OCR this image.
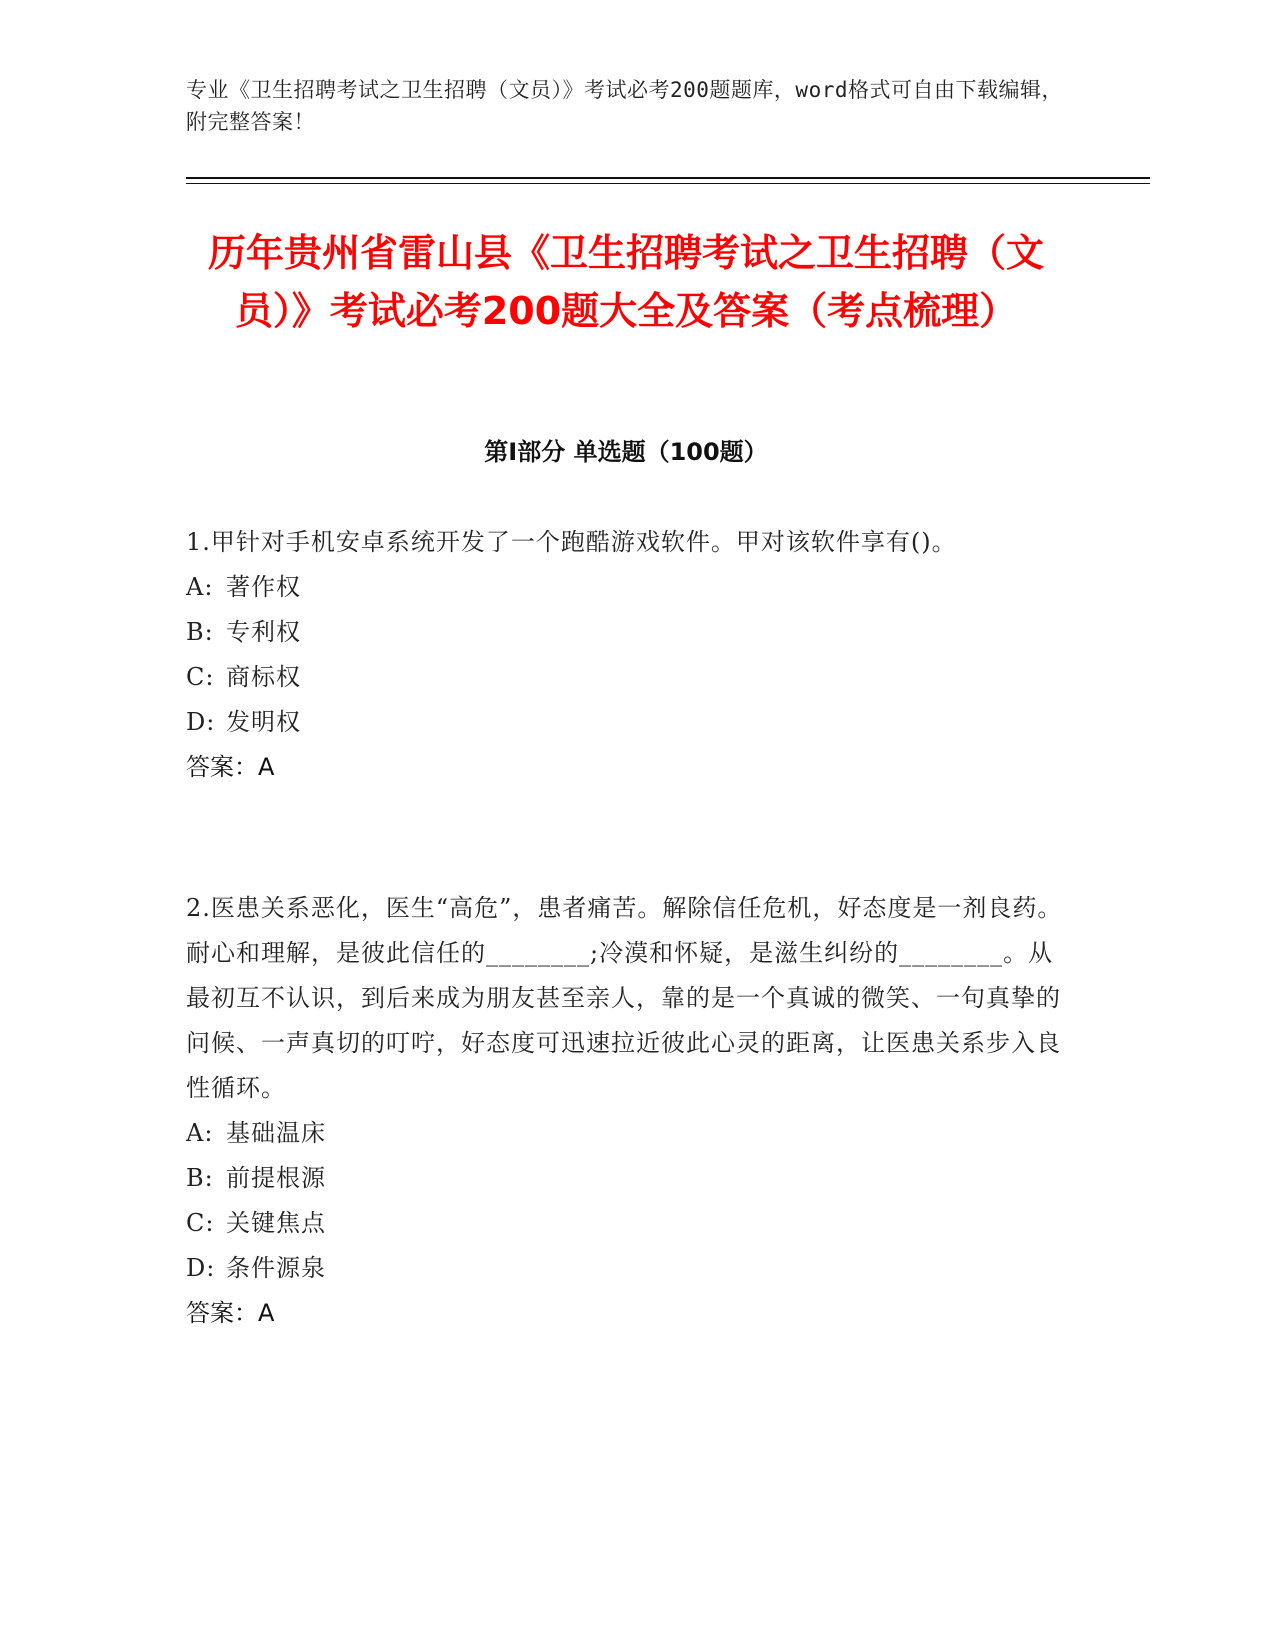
专业《卫生招聘考试之卫生招聘（文员）》考试必考200题题库，word格式可自由下载编辑，附完整答案！
历年贵州省雷山县《卫生招聘考试之卫生招聘（文员）》考试必考200题大全及答案（考点梳理）
第Ⅰ部分 单选题（100题）

1.甲针对手机安卓系统开发了一个跑酷游戏软件。甲对该软件享有()。

A: 著作权

B: 专利权

C: 商标权

D: 发明权

答案：A

2.医患关系恶化，医生“高危”，患者痛苦。解除信任危机，好态度是一剂良药。耐心和理解，是彼此信任的________;冷漠和怀疑，是滋生纠纷的________。从最初互不认识，到后来成为朋友甚至亲人，靠的是一个真诚的微笑、一句真挚的问候、一声真切的叮咛，好态度可迅速拉近彼此心灵的距离，让医患关系步入良性循环。

A: 基础温床

B: 前提根源

C: 关键焦点

D: 条件源泉

答案：A
